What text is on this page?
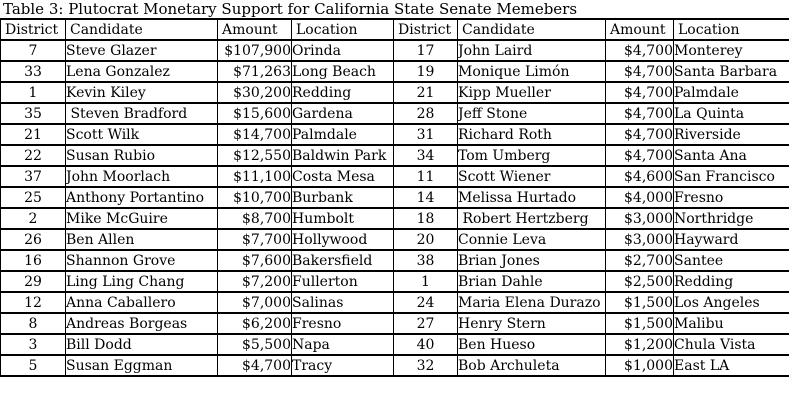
Table 3: Plutocrat Monetary Support for California State Senate Memebers
District	Candidate	Amount	Location	District	Candidate	Amount	Location
7	Steve Glazer	$107,900	Orinda	17	John Laird	$4,700	Monterey
33	Lena Gonzalez	$71,263	Long Beach	19	Monique Limón	$4,700	Santa Barbara
1	Kevin Kiley	$30,200	Redding	21	Kipp Mueller	$4,700	Palmdale
35	Steven Bradford	$15,600	Gardena	28	Jeff Stone	$4,700	La Quinta
21	Scott Wilk	$14,700	Palmdale	31	Richard Roth	$4,700	Riverside
22	Susan Rubio	$12,550	Baldwin Park	34	Tom Umberg	$4,700	Santa Ana
37	John Moorlach	$11,100	Costa Mesa	11	Scott Wiener	$4,600	San Francisco
25	Anthony Portantino	$10,700	Burbank	14	Melissa Hurtado	$4,000	Fresno
2	Mike McGuire	$8,700	Humbolt	18	Robert Hertzberg	$3,000	Northridge
26	Ben Allen	$7,700	Hollywood	20	Connie Leva	$3,000	Hayward
16	Shannon Grove	$7,600	Bakersfield	38	Brian Jones	$2,700	Santee
29	Ling Ling Chang	$7,200	Fullerton	1	Brian Dahle	$2,500	Redding
12	Anna Caballero	$7,000	Salinas	24	Maria Elena Durazo	$1,500	Los Angeles
8	Andreas Borgeas	$6,200	Fresno	27	Henry Stern	$1,500	Malibu
3	Bill Dodd	$5,500	Napa	40	Ben Hueso	$1,200	Chula Vista
5	Susan Eggman	$4,700	Tracy	32	Bob Archuleta	$1,000	East LA
